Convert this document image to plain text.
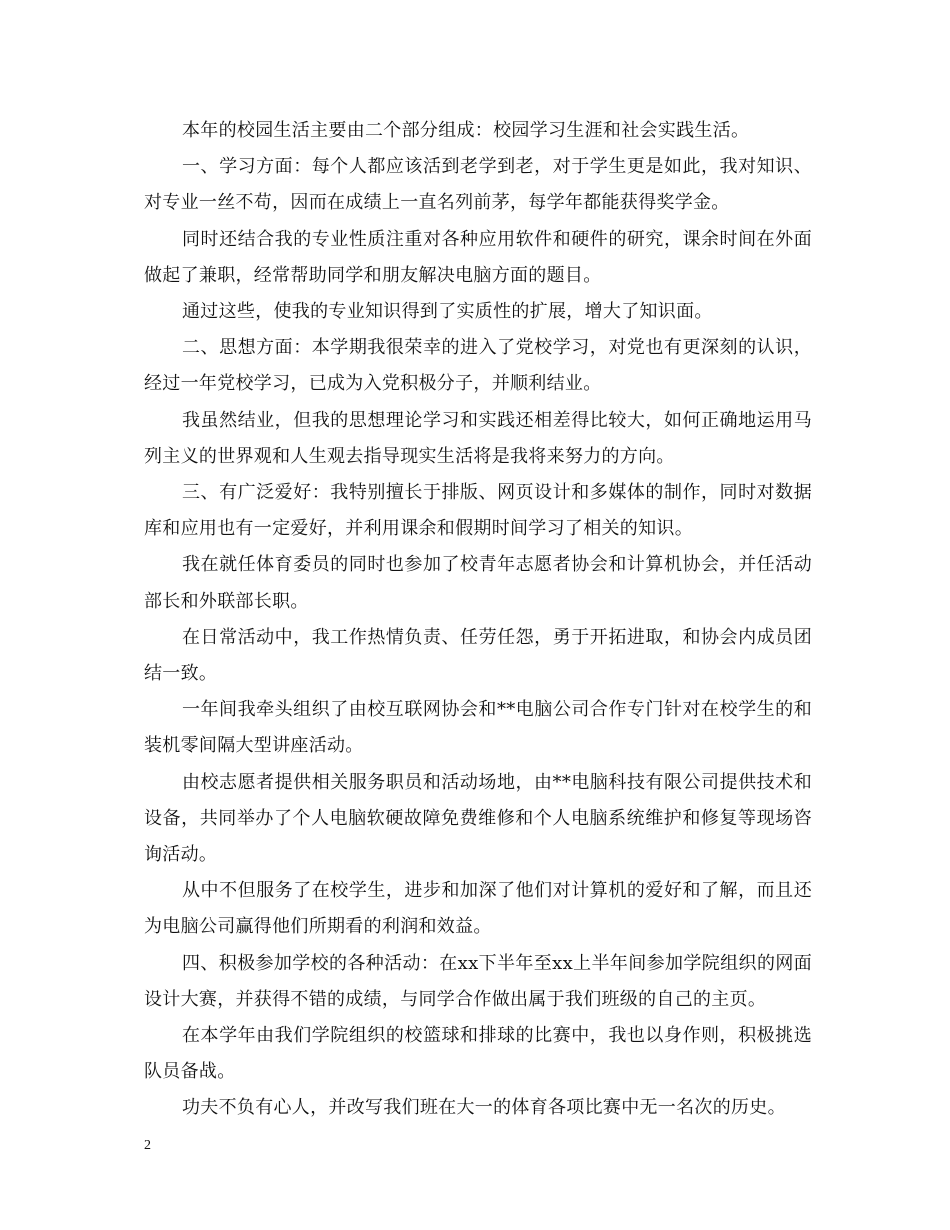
本年的校园生活主要由二个部分组成：校园学习生涯和社会实践生活。

一、学习方面：每个人都应该活到老学到老，对于学生更是如此，我对知识、对专业一丝不苟，因而在成绩上一直名列前茅，每学年都能获得奖学金。

同时还结合我的专业性质注重对各种应用软件和硬件的研究，课余时间在外面做起了兼职，经常帮助同学和朋友解决电脑方面的题目。

通过这些，使我的专业知识得到了实质性的扩展，增大了知识面。

二、思想方面：本学期我很荣幸的进入了党校学习，对党也有更深刻的认识，经过一年党校学习，已成为入党积极分子，并顺利结业。

我虽然结业，但我的思想理论学习和实践还相差得比较大，如何正确地运用马列主义的世界观和人生观去指导现实生活将是我将来努力的方向。

三、有广泛爱好：我特别擅长于排版、网页设计和多媒体的制作，同时对数据库和应用也有一定爱好，并利用课余和假期时间学习了相关的知识。

我在就任体育委员的同时也参加了校青年志愿者协会和计算机协会，并任活动部长和外联部长职。

在日常活动中，我工作热情负责、任劳任怨，勇于开拓进取，和协会内成员团结一致。

一年间我牵头组织了由校互联网协会和**电脑公司合作专门针对在校学生的和装机零间隔大型讲座活动。

由校志愿者提供相关服务职员和活动场地，由**电脑科技有限公司提供技术和设备，共同举办了个人电脑软硬故障免费维修和个人电脑系统维护和修复等现场咨询活动。

从中不但服务了在校学生，进步和加深了他们对计算机的爱好和了解，而且还为电脑公司赢得他们所期看的利润和效益。

四、积极参加学校的各种活动：在xx下半年至xx上半年间参加学院组织的网面设计大赛，并获得不错的成绩，与同学合作做出属于我们班级的自己的主页。

在本学年由我们学院组织的校篮球和排球的比赛中，我也以身作则，积极挑选队员备战。

功夫不负有心人，并改写我们班在大一的体育各项比赛中无一名次的历史。

2
